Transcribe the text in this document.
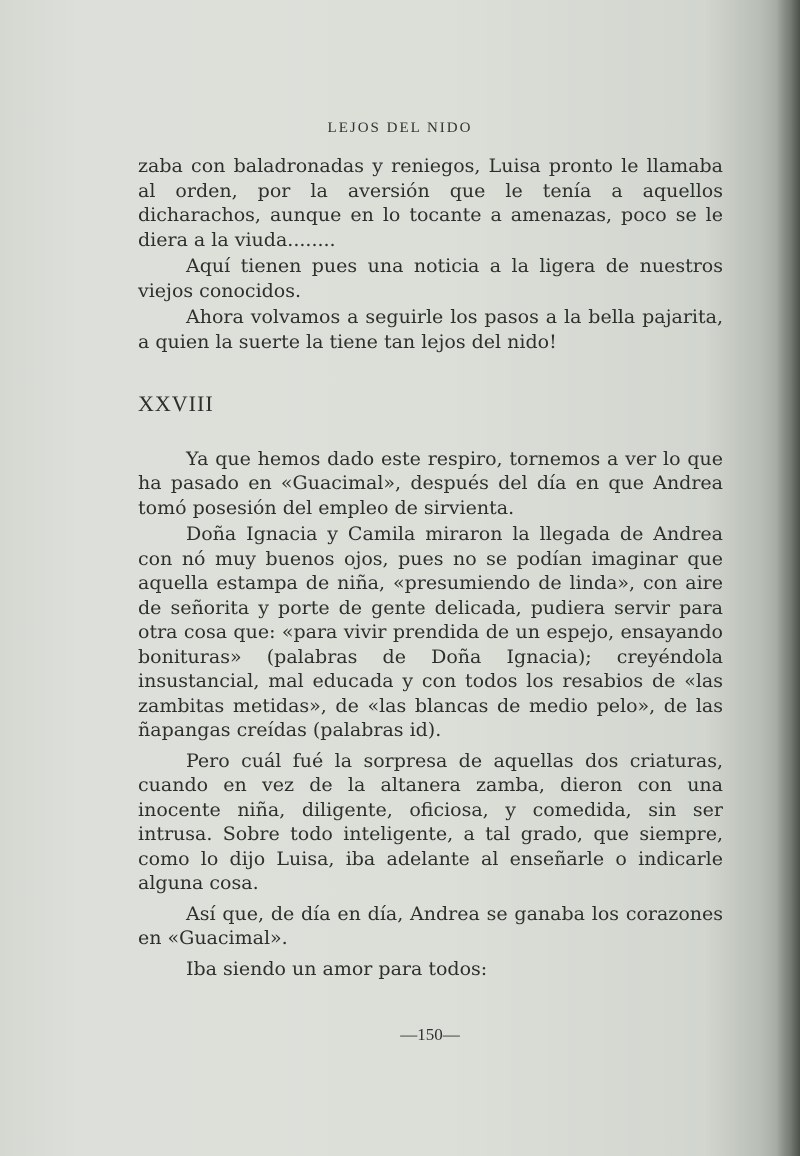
LEJOS DEL NIDO

zaba con baladronadas y reniegos, Luisa pronto le llamaba al orden, por la aversión que le tenía a aquellos dicharachos, aunque en lo tocante a amenazas, poco se le diera a la viuda........

Aquí tienen pues una noticia a la ligera de nuestros viejos conocidos.

Ahora volvamos a seguirle los pasos a la bella pajarita, a quien la suerte la tiene tan lejos del nido!

XXVIII

Ya que hemos dado este respiro, tornemos a ver lo que ha pasado en «Guacimal», después del día en que Andrea tomó posesión del empleo de sirvienta.

Doña Ignacia y Camila miraron la llegada de Andrea con nó muy buenos ojos, pues no se podían imaginar que aquella estampa de niña, «presumiendo de linda», con aire de señorita y porte de gente delicada, pudiera servir para otra cosa que: «para vivir prendida de un espejo, ensayando bonituras» (palabras de Doña Ignacia); creyéndola insustancial, mal educada y con todos los resabios de «las zambitas metidas», de «las blancas de medio pelo», de las ñapangas creídas (palabras id).

Pero cuál fué la sorpresa de aquellas dos criaturas, cuando en vez de la altanera zamba, dieron con una inocente niña, diligente, oficiosa, y comedida, sin ser intrusa. Sobre todo inteligente, a tal grado, que siempre, como lo dijo Luisa, iba adelante al enseñarle o indicarle alguna cosa.

Así que, de día en día, Andrea se ganaba los corazones en «Guacimal».

Iba siendo un amor para todos:

—150—
